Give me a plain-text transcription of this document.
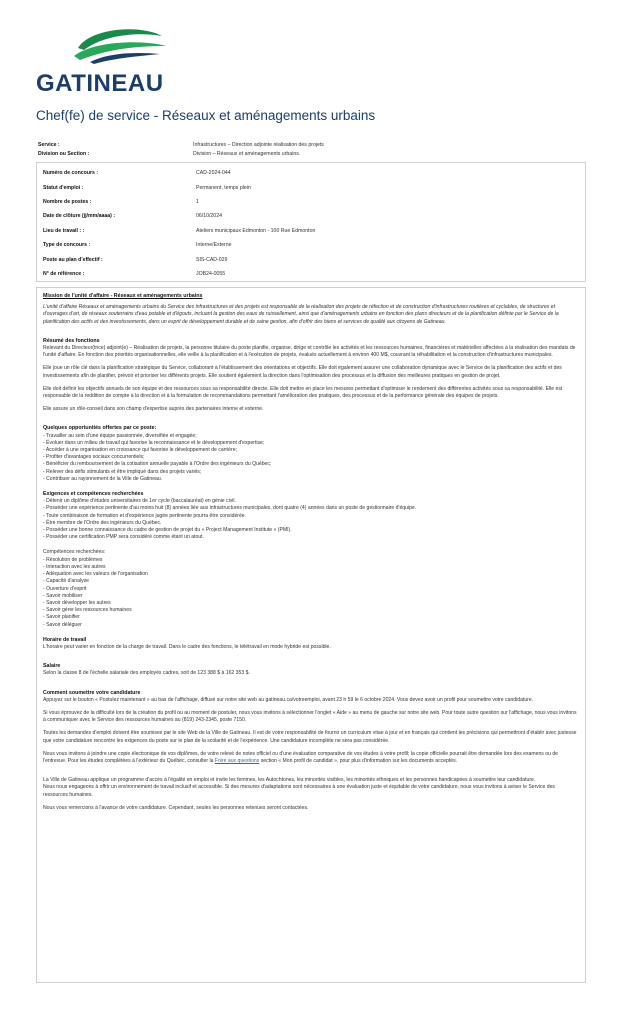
GATINEAU
Chef(fe) de service - Réseaux et aménagements urbains
Service :	Infrastructures – Direction adjointe réalisation des projets
Division ou Section :	Division – Réseaux et aménagements urbains.
Numéro de concours :	CAD-2024-044
Statut d'emploi :	Permanent, temps plein
Nombre de postes :	1
Date de clôture (jj/mm/aaaa) :	06/10/2024
Lieu de travail : :	Ateliers municipaux Edmonton - 100 Rue Edmonton
Type de concours :	Interne/Externe
Poste au plan d'effectif :	SIS-CAD-029
N° de référence :	JOB24-0055
Mission de l'unité d'affaire - Réseaux et aménagements urbains

L'unité d'affaire Réseaux et aménagements urbains du Service des infrastructures et des projets est responsable de la réalisation des projets de réfection et de construction d'infrastructures routières et cyclables, de structures et d'ouvrages d'art, de réseaux souterrains d'eau potable et d'égouts, incluant la gestion des eaux de ruissellement, ainsi que d'aménagements urbains en fonction des plans directeurs et de la planification définie par le Service de la planification des actifs et des investissements, dans un esprit de développement durable et de saine gestion, afin d'offrir des biens et services de qualité aux citoyens de Gatineau.

Résumé des fonctions

Relevant du Directeur(trice) adjoint(e) – Réalisation de projets, la personne titulaire du poste planifie, organise, dirige et contrôle les activités et les ressources humaines, financières et matérielles affectées à la réalisation des mandats de l'unité d'affaire. En fonction des priorités organisationnelles, elle veille à la planification et à l'exécution de projets, évalués actuellement à environ 400 M$, couvrant la réhabilitation et la construction d'infrastructures municipales.

Elle joue un rôle clé dans la planification stratégique du Service, collaborant à l'établissement des orientations et objectifs. Elle doit également assurer une collaboration dynamique avec le Service de la planification des actifs et des investissements afin de planifier, prévoir et prioriser les différents projets. Elle soutient également la direction dans l'optimisation des processus et la diffusion des meilleures pratiques en gestion de projet.

Elle doit définir les objectifs annuels de son équipe et des ressources sous sa responsabilité directe. Elle doit mettre en place les mesures permettant d'optimiser le rendement des différentes activités sous sa responsabilité. Elle est responsable de la reddition de compte à la direction et à la formulation de recommandations permettant l'amélioration des pratiques, des processus et de la performance générale des équipes de projets.

Elle assure un rôle-conseil dans son champ d'expertise auprès des partenaires interne et externe.

Quelques opportunités offertes par ce poste:
- Travailler au sein d'une équipe passionnée, diversifiée et engagée;
- Évoluer dans un milieu de travail qui favorise la reconnaissance et le développement d'expertise;
- Accéder à une organisation en croissance qui favorise le développement de carrière;
- Profiter d'avantages sociaux concurrentiels;
- Bénéficier du remboursement de la cotisation annuelle payable à l'Ordre des ingénieurs du Québec;
- Relever des défis stimulants et être impliqué dans des projets variés;
- Contribuer au rayonnement de la Ville de Gatineau.
Exigences et compétences recherchées
- Détenir un diplôme d'études universitaires de 1er cycle (baccalauréat) en génie civil.
- Posséder une expérience pertinente d'au moins huit (8) années liée aux infrastructures municipales, dont quatre (4) années dans un poste de gestionnaire d'équipe.
- Toute combinaison de formation et d'expérience jugée pertinente pourra être considérée.
- Être membre de l'Ordre des ingénieurs du Québec.
- Posséder une bonne connaissance du cadre de gestion de projet du « Project Management Institute » (PMI).
- Posséder une certification PMP sera considéré comme étant un atout.

Compétences recherchées:

- Résolution de problèmes
- Interaction avec les autres
- Adéquation avec les valeurs de l'organisation
- Capacité d'analyse
- Ouverture d'esprit
- Savoir mobiliser
- Savoir développer les autres
- Savoir gérer les ressources humaines
- Savoir planifier
- Savoir déléguer
Horaire de travail

L'horaire peut varier en fonction de la charge de travail. Dans le cadre des fonctions, le télétravail en mode hybride est possible.

Salaire

Selon la classe 8 de l'échelle salariale des employés cadres, soit de 123 388 $ à 162 353 $.

Comment soumettre votre candidature

Appuyez sur le bouton « Postulez maintenant » au bas de l'affichage, diffusé sur notre site web au gatineau.ca/votreemploi, avant 23 h 59 le 6 octobre 2024. Vous devez avoir un profil pour soumettre votre candidature.

Si vous éprouvez de la difficulté lors de la création du profil ou au moment de postuler, nous vous invitons à sélectionner l'onglet « Aide » au menu de gauche sur notre site web. Pour toute autre question sur l'affichage, nous vous invitons à communiquer avec le Service des ressources humaines au (819) 243-2345, poste 7150.

Toutes les demandes d'emploi doivent être soumises par le site Web de la Ville de Gatineau. Il est de votre responsabilité de fournir un curriculum vitae à jour et en français qui contient les précisions qui permettront d'établir avec justesse que votre candidature rencontre les exigences du poste sur le plan de la scolarité et de l'expérience. Une candidature incomplète ne sera pas considérée.

Nous vous invitons à joindre une copie électronique de vos diplômes, de votre relevé de notes officiel ou d'une évaluation comparative de vos études à votre profil; la copie officielle pourrait être demandée lors des examens ou de l'entrevue. Pour les études complétées à l'extérieur du Québec, consulter la Foire aux questions section « Mon profil de candidat », pour plus d'information sur les documents acceptés.

La Ville de Gatineau applique un programme d'accès à l'égalité en emploi et invite les femmes, les Autochtones, les minorités visibles, les minorités ethniques et les personnes handicapées à soumettre leur candidature.

Nous nous engageons à offrir un environnement de travail inclusif et accessible. Si des mesures d'adaptations sont nécessaires à une évaluation juste et équitable de votre candidature, nous vous invitons à aviser le Service des ressources humaines.

Nous vous remercions à l'avance de votre candidature. Cependant, seules les personnes retenues seront contactées.
